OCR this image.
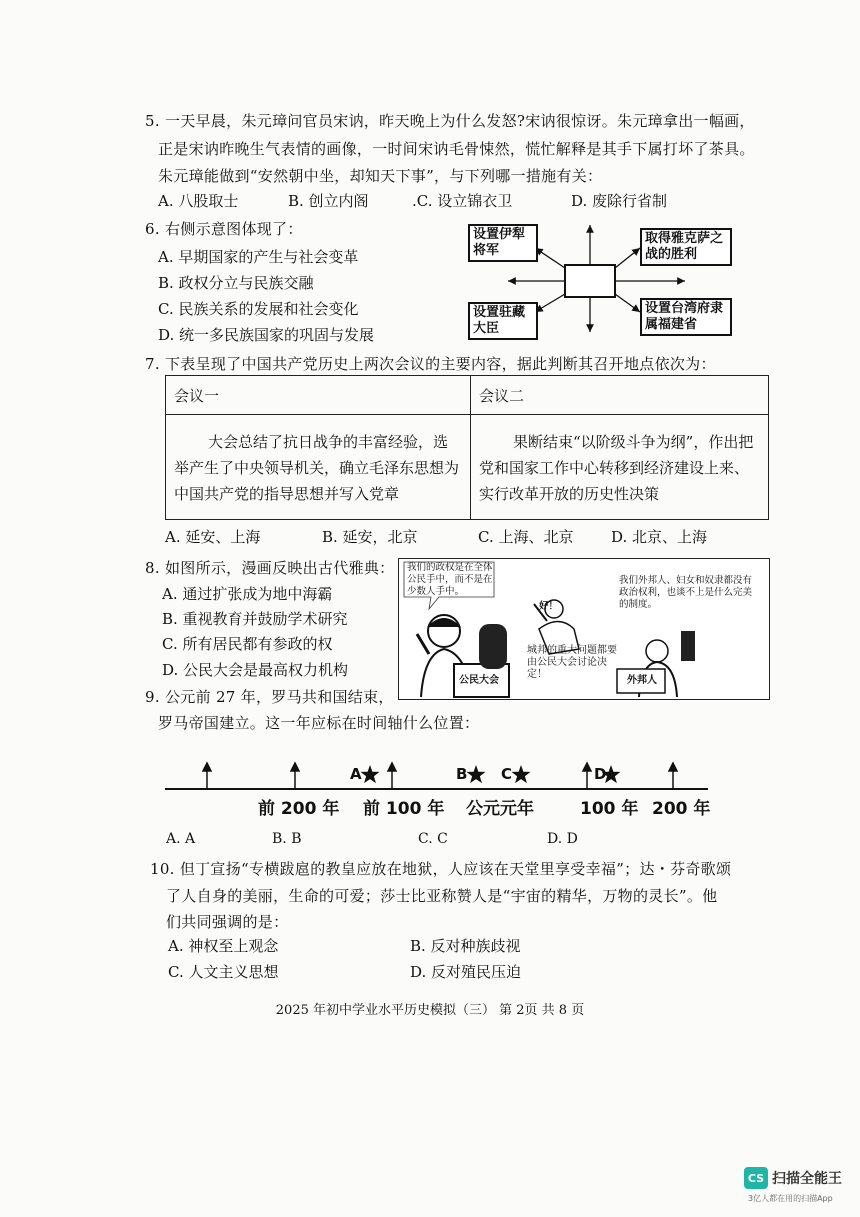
5. 一天早晨，朱元璋问官员宋讷，昨天晚上为什么发怒?宋讷很惊讶。朱元璋拿出一幅画，
正是宋讷昨晚生气表情的画像，一时间宋讷毛骨悚然，慌忙解释是其手下属打坏了茶具。
朱元璋能做到“安然朝中坐，却知天下事”，与下列哪一措施有关：
A. 八股取士	B. 创立内阁	.C. 设立锦衣卫	D. 废除行省制
6. 右侧示意图体现了：
A. 早期国家的产生与社会变革
B. 政权分立与民族交融
C. 民族关系的发展和社会变化
D. 统一多民族国家的巩固与发展
设置伊犁将军
取得雅克萨之战的胜利
设置驻藏大臣
设置台湾府隶属福建省
7. 下表呈现了中国共产党历史上两次会议的主要内容，据此判断其召开地点依次为：
会议一	会议二
大会总结了抗日战争的丰富经验，选举产生了中央领导机关，确立毛泽东思想为中国共产党的指导思想并写入党章	果断结束“以阶级斗争为纲”，作出把党和国家工作中心转移到经济建设上来、实行改革开放的历史性决策
A. 延安、上海	B. 延安，北京	C. 上海、北京	D. 北京、上海
8. 如图所示，漫画反映出古代雅典：
A. 通过扩张成为地中海霸
B. 重视教育并鼓励学术研究
C. 所有居民都有参政的权
D. 公民大会是最高权力机构
我们的政权是在全体公民手中，而不是在少数人手中。
我们外邦人、妇女和奴隶都没有政治权利，也谈不上是什么完美的制度。
好！
城邦的重大问题都要由公民大会讨论决定！
公民大会	外邦人
9. 公元前 27 年，罗马共和国结束，
罗马帝国建立。这一年应标在时间轴什么位置：
A	B C	D
前 200 年 前 100 年 公元元年	100 年 200 年
A. A	B. B	C. C	D. D
10. 但丁宣扬“专横跋扈的教皇应放在地狱，人应该在天堂里享受幸福”；达・芬奇歌颂
了人自身的美丽，生命的可爱；莎士比亚称赞人是“宇宙的精华，万物的灵长”。他
们共同强调的是：
A. 神权至上观念	B. 反对种族歧视
C. 人文主义思想	D. 反对殖民压迫
2025 年初中学业水平历史模拟（三） 第 2页 共 8 页
CS 扫描全能王
3亿人都在用的扫描App
